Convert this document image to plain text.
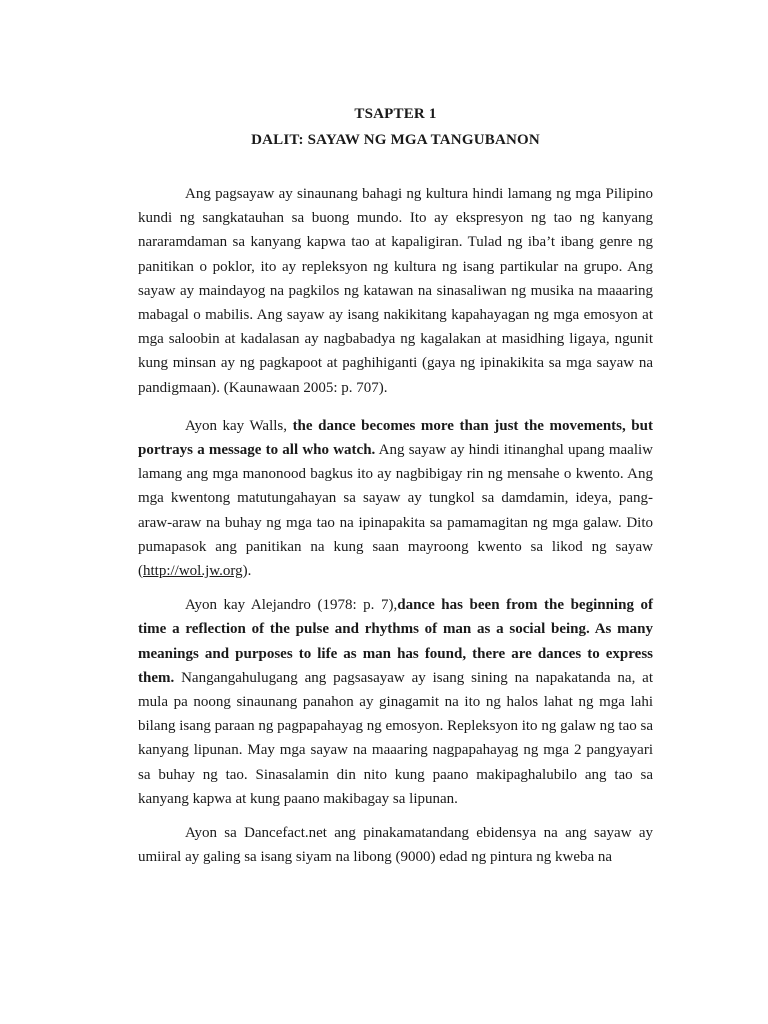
TSAPTER 1
DALIT: SAYAW NG MGA TANGUBANON

Ang pagsayaw ay sinaunang bahagi ng kultura hindi lamang ng mga Pilipino kundi ng sangkatauhan sa buong mundo. Ito ay ekspresyon ng tao ng kanyang nararamdaman sa kanyang kapwa tao at kapaligiran. Tulad ng iba’t ibang genre ng panitikan o poklor, ito ay repleksyon ng kultura ng isang partikular na grupo. Ang sayaw ay maindayog na pagkilos ng katawan na sinasaliwan ng musika na maaaring mabagal o mabilis. Ang sayaw ay isang nakikitang kapahayagan ng mga emosyon at mga saloobin at kadalasan ay nagbabadya ng kagalakan at masidhing ligaya, ngunit kung minsan ay ng pagkapoot at paghihiganti (gaya ng ipinakikita sa mga sayaw na pandigmaan). (Kaunawaan 2005: p. 707).

Ayon kay Walls, the dance becomes more than just the movements, but portrays a message to all who watch. Ang sayaw ay hindi itinanghal upang maaliw lamang ang mga manonood bagkus ito ay nagbibigay rin ng mensahe o kwento. Ang mga kwentong matutungahayan sa sayaw ay tungkol sa damdamin, ideya, pang-araw-araw na buhay ng mga tao na ipinapakita sa pamamagitan ng mga galaw. Dito pumapasok ang panitikan na kung saan mayroong kwento sa likod ng sayaw (http://wol.jw.org).

Ayon kay Alejandro (1978: p. 7),dance has been from the beginning of time a reflection of the pulse and rhythms of man as a social being. As many meanings and purposes to life as man has found, there are dances to express them. Nangangahulugang ang pagsasayaw ay isang sining na napakatanda na, at mula pa noong sinaunang panahon ay ginagamit na ito ng halos lahat ng mga lahi bilang isang paraan ng pagpapahayag ng emosyon. Repleksyon ito ng galaw ng tao sa kanyang lipunan. May mga sayaw na maaaring nagpapahayag ng mga 2 pangyayari sa buhay ng tao. Sinasalamin din nito kung paano makipaghalubilo ang tao sa kanyang kapwa at kung paano makibagay sa lipunan.

Ayon sa Dancefact.net ang pinakamatandang ebidensya na ang sayaw ay umiiral ay galing sa isang siyam na libong (9000) edad ng pintura ng kweba na
